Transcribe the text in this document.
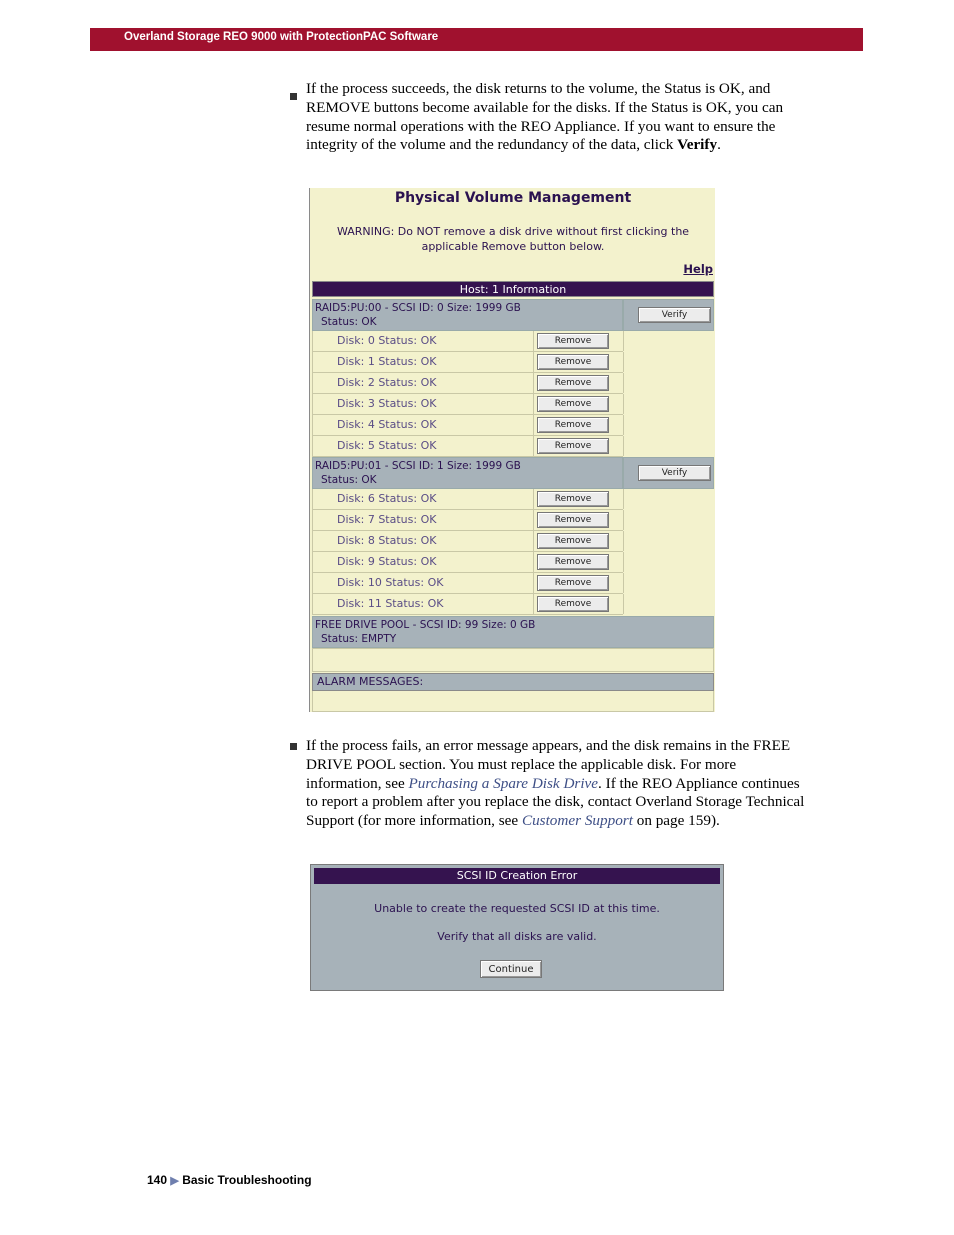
Overland Storage REO 9000 with ProtectionPAC Software
If the process succeeds, the disk returns to the volume, the Status is OK, and REMOVE buttons become available for the disks. If the Status is OK, you can resume normal operations with the REO Appliance. If you want to ensure the integrity of the volume and the redundancy of the data, click Verify.
Physical Volume Management
WARNING: Do NOT remove a disk drive without first clicking the
applicable Remove button below.
Help
Host: 1 Information
RAID5:PU:00 - SCSI ID: 0 Size: 1999 GB
Status: OK
Verify
Disk: 0 Status: OK	Remove
Disk: 1 Status: OK	Remove
Disk: 2 Status: OK	Remove
Disk: 3 Status: OK	Remove
Disk: 4 Status: OK	Remove
Disk: 5 Status: OK	Remove
RAID5:PU:01 - SCSI ID: 1 Size: 1999 GB
Status: OK
Verify
Disk: 6 Status: OK	Remove
Disk: 7 Status: OK	Remove
Disk: 8 Status: OK	Remove
Disk: 9 Status: OK	Remove
Disk: 10 Status: OK	Remove
Disk: 11 Status: OK	Remove
FREE DRIVE POOL - SCSI ID: 99 Size: 0 GB
Status: EMPTY
ALARM MESSAGES:
If the process fails, an error message appears, and the disk remains in the FREE DRIVE POOL section. You must replace the applicable disk. For more information, see Purchasing a Spare Disk Drive. If the REO Appliance continues to report a problem after you replace the disk, contact Overland Storage Technical Support (for more information, see Customer Support on page 159).
SCSI ID Creation Error
Unable to create the requested SCSI ID at this time.
Verify that all disks are valid.
Continue
140 ▶ Basic Troubleshooting
